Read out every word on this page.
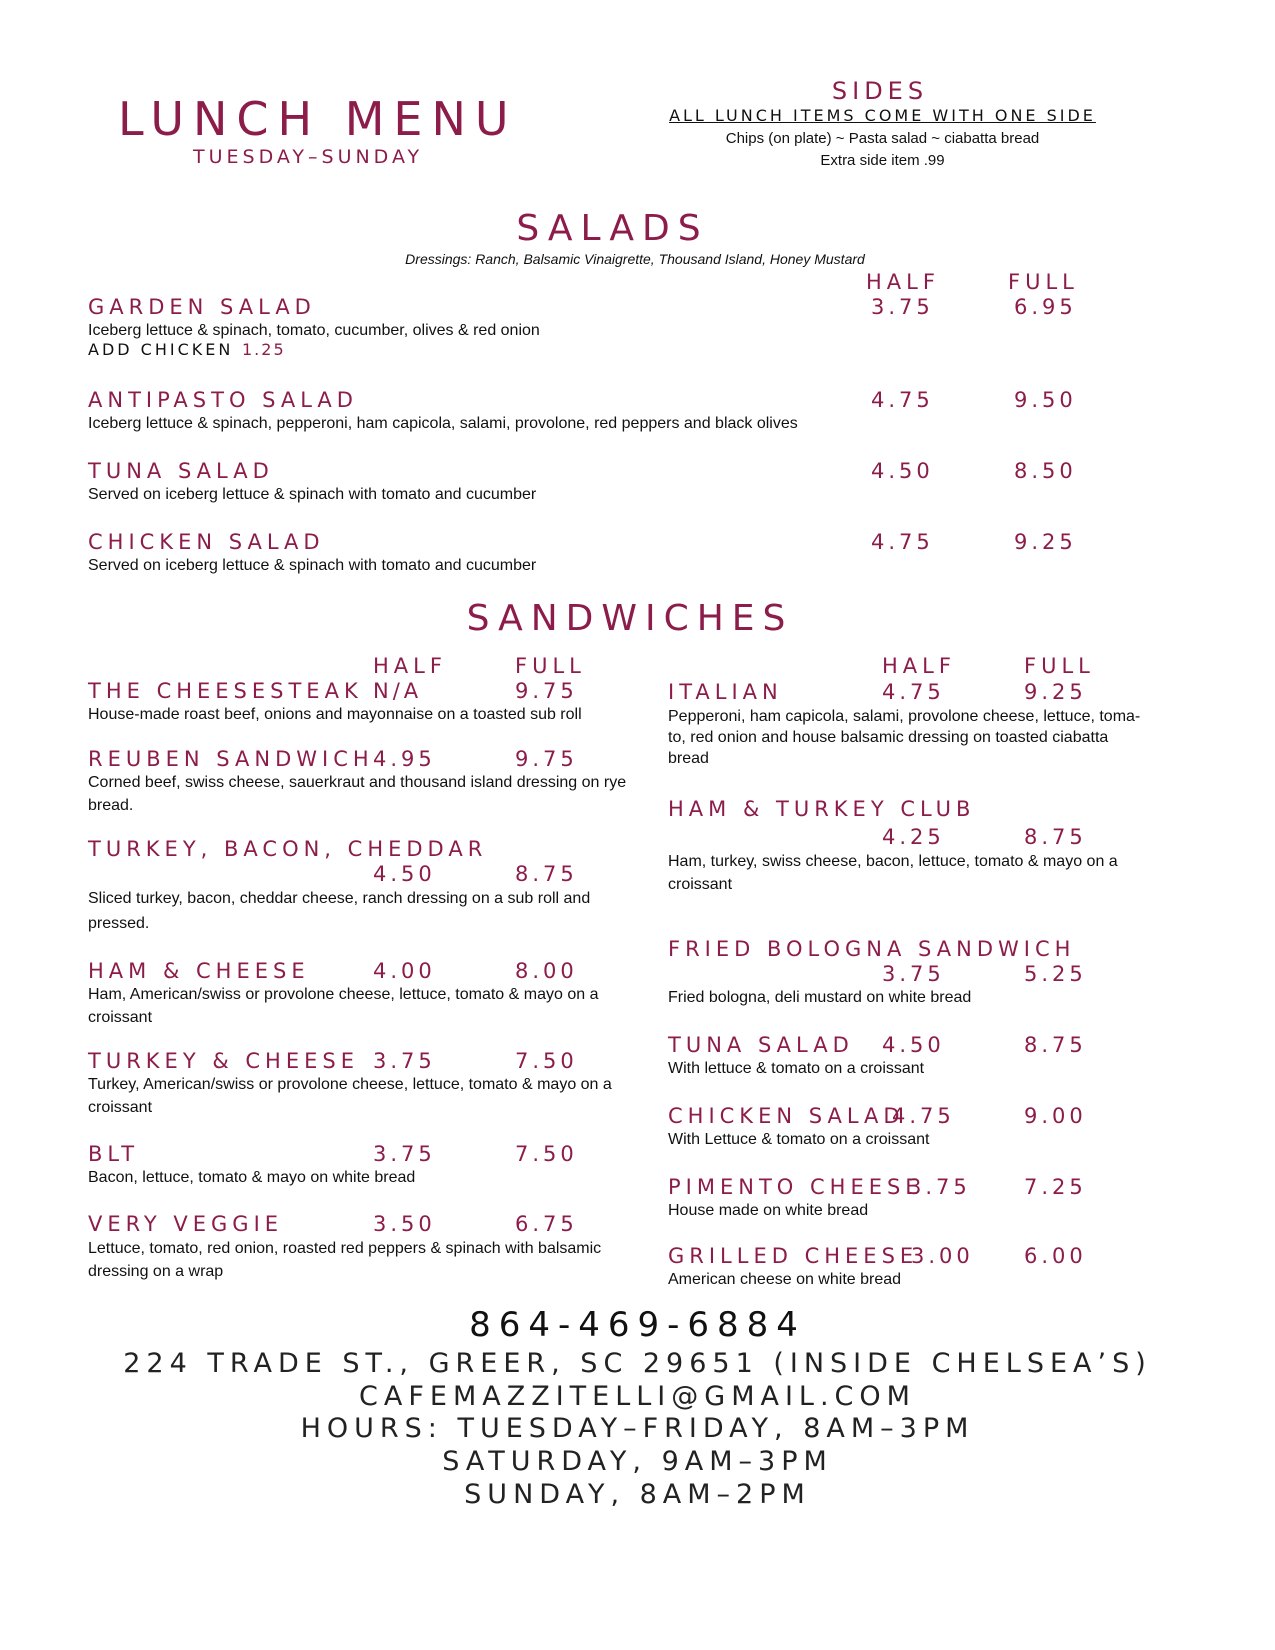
LUNCH MENU
TUESDAY–SUNDAY
SIDES
ALL LUNCH ITEMS COME WITH ONE SIDE
Chips (on plate) ~ Pasta salad ~ ciabatta bread
Extra side item .99
SALADS
Dressings: Ranch, Balsamic Vinaigrette, Thousand Island, Honey Mustard
HALF	FULL
GARDEN SALAD	3.75	6.95
Iceberg lettuce & spinach, tomato, cucumber, olives & red onion
ADD CHICKEN 1.25
ANTIPASTO SALAD	4.75	9.50
Iceberg lettuce & spinach, pepperoni, ham capicola, salami, provolone, red peppers and black olives
TUNA SALAD	4.50	8.50
Served on iceberg lettuce & spinach with tomato and cucumber
CHICKEN SALAD	4.75	9.25
Served on iceberg lettuce & spinach with tomato and cucumber
SANDWICHES
HALF	FULL	HALF	FULL
THE CHEESESTEAK N/A	9.75
House-made roast beef, onions and mayonnaise on a toasted sub roll
REUBEN SANDWICH 4.95	9.75
Corned beef, swiss cheese, sauerkraut and thousand island dressing on rye bread.
TURKEY, BACON, CHEDDAR
4.50	8.75
Sliced turkey, bacon, cheddar cheese, ranch dressing on a sub roll and pressed.
HAM & CHEESE	4.00	8.00
Ham, American/swiss or provolone cheese, lettuce, tomato & mayo on a croissant
TURKEY & CHEESE 3.75	7.50
Turkey, American/swiss or provolone cheese, lettuce, tomato & mayo on a croissant
BLT	3.75	7.50
Bacon, lettuce, tomato & mayo on white bread
VERY VEGGIE	3.50	6.75
Lettuce, tomato, red onion, roasted red peppers & spinach with balsamic dressing on a wrap
ITALIAN	4.75	9.25
Pepperoni, ham capicola, salami, provolone cheese, lettuce, toma-to, red onion and house balsamic dressing on toasted ciabatta bread
HAM & TURKEY CLUB
4.25	8.75
Ham, turkey, swiss cheese, bacon, lettuce, tomato & mayo on a croissant
FRIED BOLOGNA SANDWICH
3.75	5.25
Fried bologna, deli mustard on white bread
TUNA SALAD 4.50	8.75
With lettuce & tomato on a croissant
CHICKEN SALAD
4.75	9.00
With Lettuce & tomato on a croissant
PIMENTO CHEESE
3.75	7.25
House made on white bread
GRILLED CHEESE
3.00 6.00
American cheese on white bread
864-469-6884
224 TRADE ST., GREER, SC 29651 (INSIDE CHELSEA’S)
CAFEMAZZITELLI@GMAIL.COM
HOURS: TUESDAY–FRIDAY, 8AM–3PM
SATURDAY, 9AM–3PM
SUNDAY, 8AM–2PM
